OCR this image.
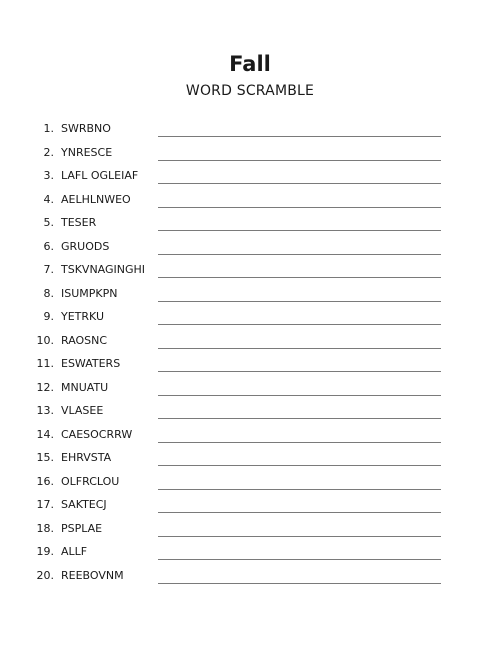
Fall
WORD SCRAMBLE
1. SWRBNO
2. YNRESCE
3. LAFL OGLEIAF
4. AELHLNWEO
5. TESER
6. GRUODS
7. TSKVNAGINGHI
8. ISUMPKPN
9. YETRKU
10. RAOSNC
11. ESWATERS
12. MNUATU
13. VLASEE
14. CAESOCRRW
15. EHRVSTA
16. OLFRCLOU
17. SAKTECJ
18. PSPLAE
19. ALLF
20. REEBOVNM
